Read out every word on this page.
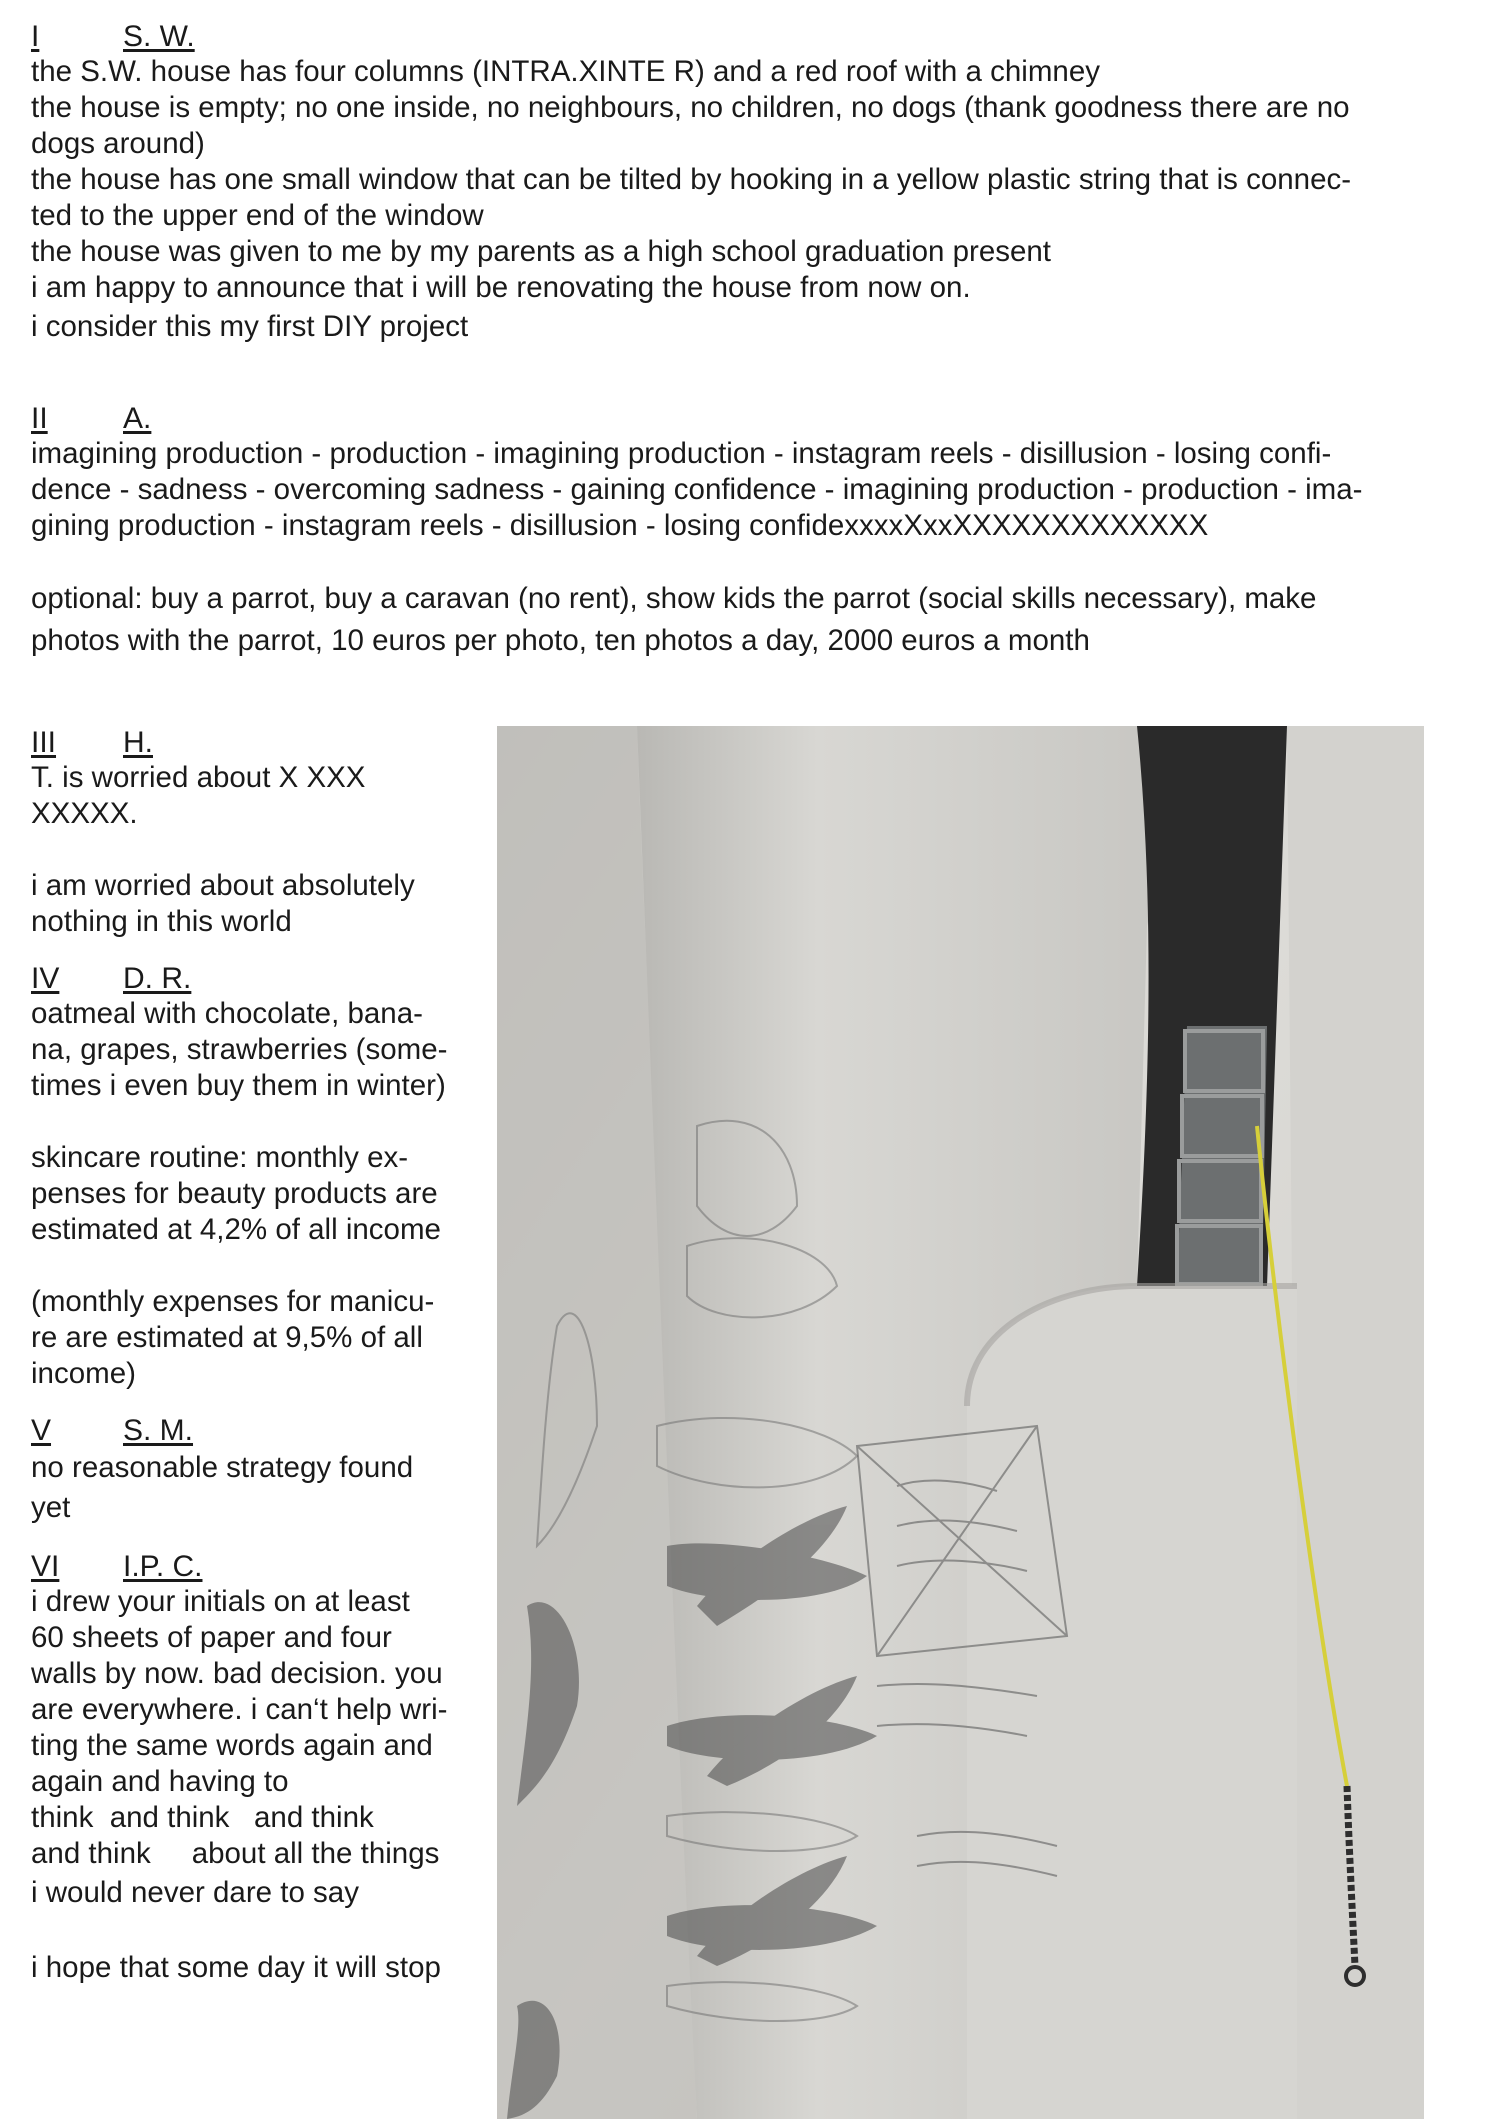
I	S. W.

the S.W. house has four columns (INTRA.XINTE R) and a red roof with a chimney

the house is empty; no one inside, no neighbours, no children, no dogs (thank goodness there are no

dogs around)

the house has one small window that can be tilted by hooking in a yellow plastic string that is connec-

ted to the upper end of the window

the house was given to me by my parents as a high school graduation present

i am happy to announce that i will be renovating the house from now on.

i consider this my first DIY project

II	A.

imagining production - production - imagining production - instagram reels - disillusion - losing confi-

dence - sadness - overcoming sadness - gaining confidence - imagining production - production - ima-

gining production - instagram reels - disillusion - losing confidexxxxXxxXXXXXXXXXXXXX

optional: buy a parrot, buy a caravan (no rent), show kids the parrot (social skills necessary), make

photos with the parrot, 10 euros per photo, ten photos a day, 2000 euros a month

III	H.

T. is worried about X XXX

XXXXX.

i am worried about absolutely

nothing in this world

IV	D. R.

oatmeal with chocolate, bana-

na, grapes, strawberries (some-

times i even buy them in winter)

skincare routine: monthly ex-

penses for beauty products are

estimated at 4,2% of all income

(monthly expenses for manicu-

re are estimated at 9,5% of all

income)

V	S. M.

no reasonable strategy found

yet

VI	I.P. C.

i drew your initials on at least

60 sheets of paper and four

walls by now. bad decision. you

are everywhere. i can‘t help wri-

ting the same words again and

again and having to

think  and think   and think

and think     about all the things

i would never dare to say

i hope that some day it will stop
